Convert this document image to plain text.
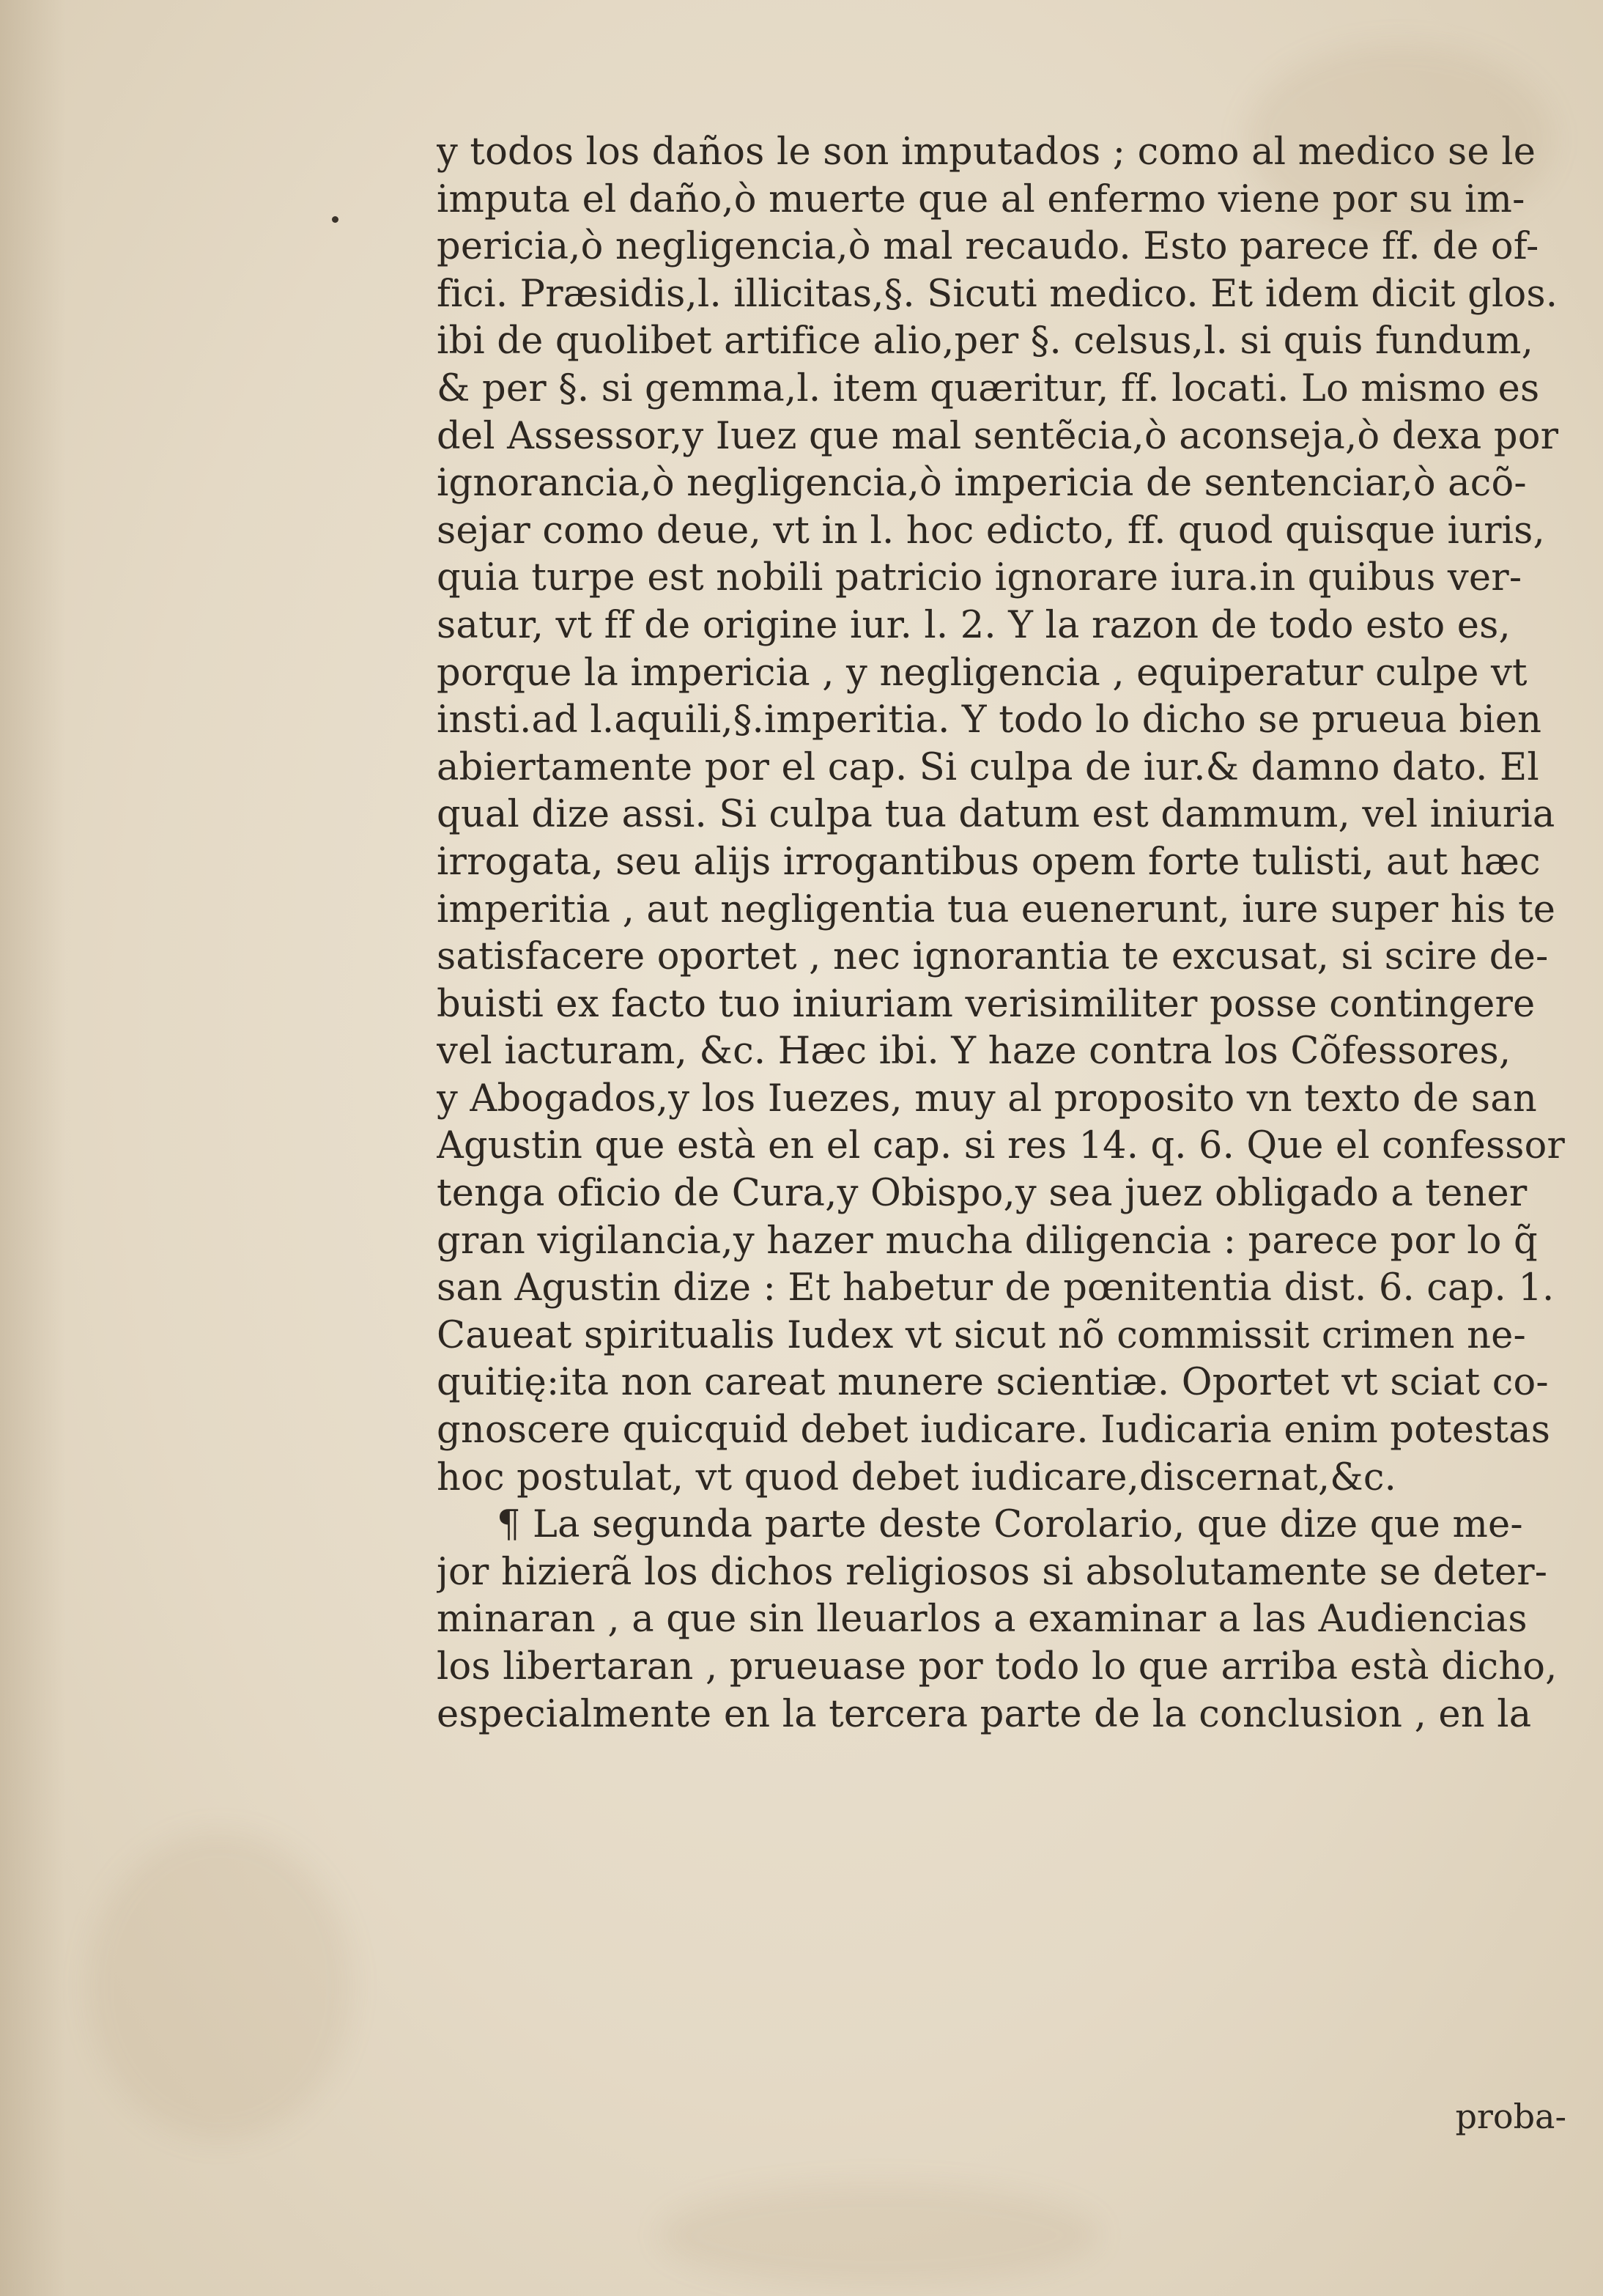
y todos los daños le son imputados ; como al medico se le
imputa el daño,ò muerte que al enfermo viene por su im-
pericia,ò negligencia,ò mal recaudo. Esto parece ff. de of-
fici. Præsidis,l. illicitas,§. Sicuti medico. Et idem dicit glos.
ibi de quolibet artifice alio,per §. celsus,l. si quis fundum,
& per §. si gemma,l. item quæritur, ff. locati. Lo mismo es
del Assessor,y Iuez que mal sentẽcia,ò aconseja,ò dexa por
ignorancia,ò negligencia,ò impericia de sentenciar,ò acõ-
sejar como deue, vt in l. hoc edicto, ff. quod quisque iuris,
quia turpe est nobili patricio ignorare iura.in quibus ver-
satur, vt ff de origine iur. l. 2. Y la razon de todo esto es,
porque la impericia , y negligencia , equiperatur culpe vt
insti.ad l.aquili,§.imperitia. Y todo lo dicho se prueua bien
abiertamente por el cap. Si culpa de iur.& damno dato. El
qual dize assi. Si culpa tua datum est dammum, vel iniuria
irrogata, seu alijs irrogantibus opem forte tulisti, aut hæc
imperitia , aut negligentia tua euenerunt, iure super his te
satisfacere oportet , nec ignorantia te excusat, si scire de-
buisti ex facto tuo iniuriam verisimiliter posse contingere
vel iacturam, &c. Hæc ibi. Y haze contra los Cõfessores,
y Abogados,y los Iuezes, muy al proposito vn texto de san
Agustin que està en el cap. si res 14. q. 6. Que el confessor
tenga oficio de Cura,y Obispo,y sea juez obligado a tener
gran vigilancia,y hazer mucha diligencia : parece por lo q̃
san Agustin dize : Et habetur de pœnitentia dist. 6. cap. 1.
Caueat spiritualis Iudex vt sicut nõ commissit crimen ne-
quitię:ita non careat munere scientiæ. Oportet vt sciat co-
gnoscere quicquid debet iudicare. Iudicaria enim potestas
hoc postulat, vt quod debet iudicare,discernat,&c.
¶ La segunda parte deste Corolario, que dize que me-
jor hizierã los dichos religiosos si absolutamente se deter-
minaran , a que sin lleuarlos a examinar a las Audiencias
los libertaran , prueuase por todo lo que arriba està dicho,
especialmente en la tercera parte de la conclusion , en la
proba-
